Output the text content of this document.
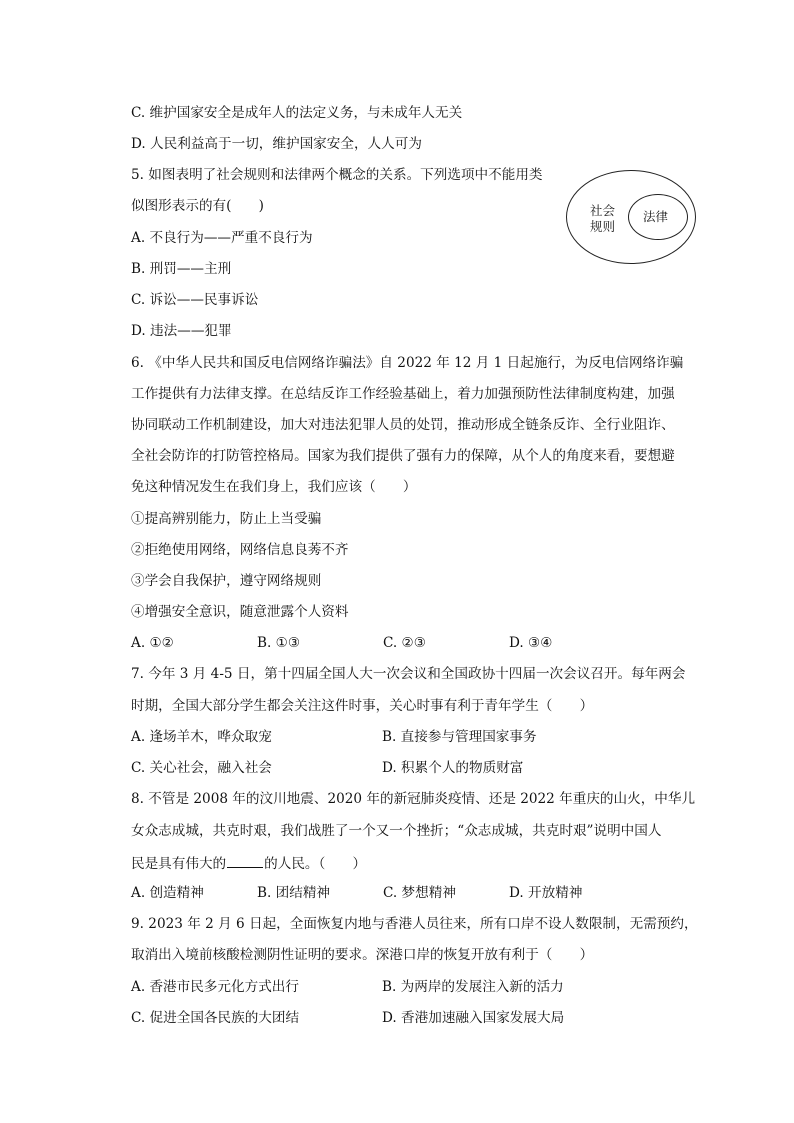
C. 维护国家安全是成年人的法定义务，与未成年人无关
D. 人民利益高于一切，维护国家安全，人人可为
5. 如图表明了社会规则和法律两个概念的关系。下列选项中不能用类
似图形表示的有(　　)
A. 不良行为——严重不良行为
B. 刑罚——主刑
C. 诉讼——民事诉讼
D. 违法——犯罪
社会
规则
法律
6. 《中华人民共和国反电信网络诈骗法》自 2022 年 12 月 1 日起施行，为反电信网络诈骗
工作提供有力法律支撑。在总结反诈工作经验基础上，着力加强预防性法律制度构建，加强
协同联动工作机制建设，加大对违法犯罪人员的处罚，推动形成全链条反诈、全行业阻诈、
全社会防诈的打防管控格局。国家为我们提供了强有力的保障，从个人的角度来看，要想避
免这种情况发生在我们身上，我们应该（　　）
①提高辨别能力，防止上当受骗
②拒绝使用网络，网络信息良莠不齐
③学会自我保护，遵守网络规则
④增强安全意识，随意泄露个人资料
A. ①②	B. ①③	C. ②③	D. ③④
7. 今年 3 月 4-5 日，第十四届全国人大一次会议和全国政协十四届一次会议召开。每年两会
时期，全国大部分学生都会关注这件时事，关心时事有利于青年学生（　　）
A. 逢场羊木，哗众取宠	B. 直接参与管理国家事务
C. 关心社会，融入社会	D. 积累个人的物质财富
8. 不管是 2008 年的汶川地震、2020 年的新冠肺炎疫情、还是 2022 年重庆的山火，中华儿
女众志成城，共克时艰，我们战胜了一个又一个挫折；“众志成城，共克时艰”说明中国人
民是具有伟大的	的人民。（　　）
A. 创造精神	B. 团结精神	C. 梦想精神	D. 开放精神
9. 2023 年 2 月 6 日起，全面恢复内地与香港人员往来，所有口岸不设人数限制，无需预约，
取消出入境前核酸检测阴性证明的要求。深港口岸的恢复开放有利于（　　）
A. 香港市民多元化方式出行	B. 为两岸的发展注入新的活力
C. 促进全国各民族的大团结	D. 香港加速融入国家发展大局
